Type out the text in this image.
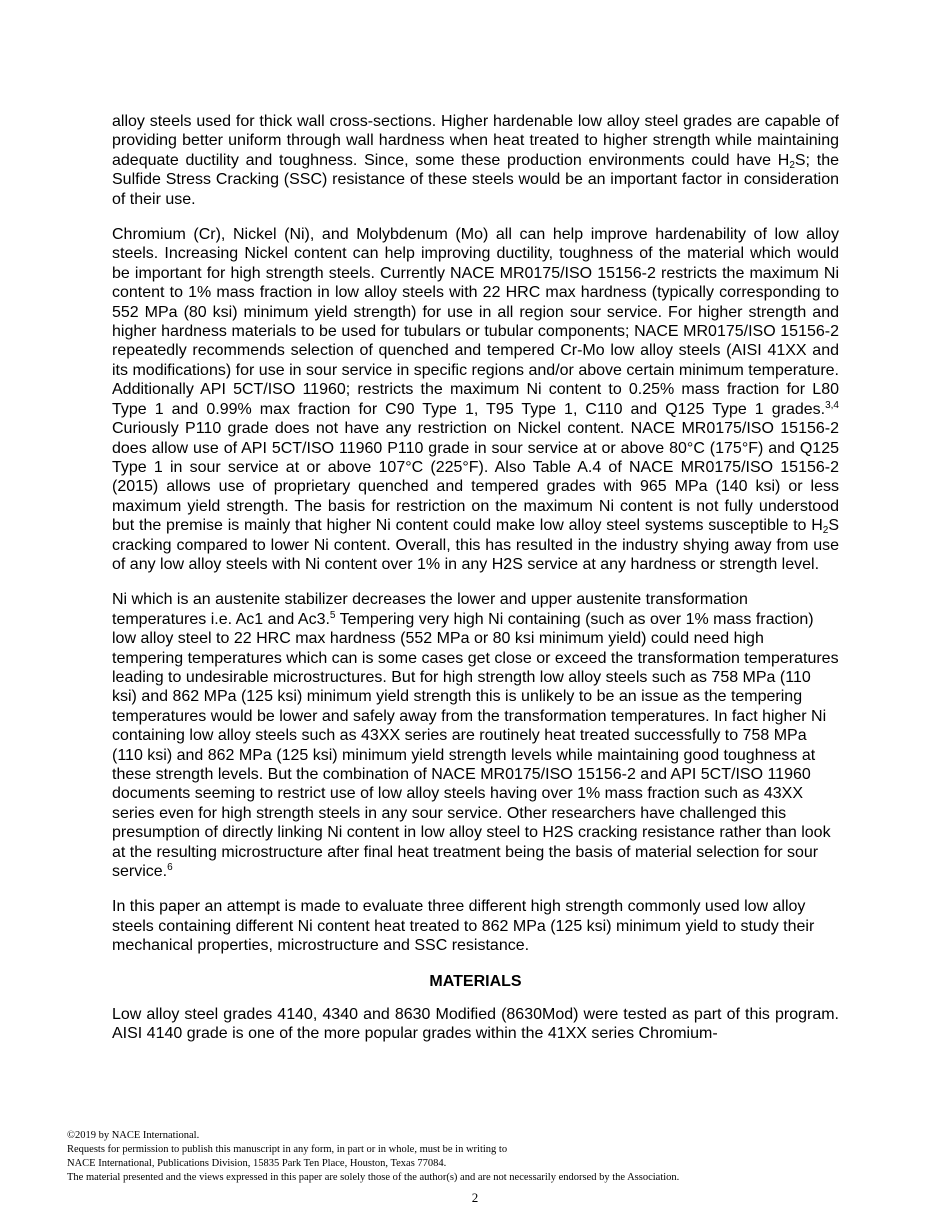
alloy steels used for thick wall cross-sections. Higher hardenable low alloy steel grades are capable of providing better uniform through wall hardness when heat treated to higher strength while maintaining adequate ductility and toughness. Since, some these production environments could have $H_2S$; the Sulfide Stress Cracking (SSC) resistance of these steels would be an important factor in consideration of their use.

Chromium (Cr), Nickel (Ni), and Molybdenum (Mo) all can help improve hardenability of low alloy steels. Increasing Nickel content can help improving ductility, toughness of the material which would be important for high strength steels. Currently NACE MR0175/ISO 15156-2 restricts the maximum Ni content to 1% mass fraction in low alloy steels with 22 HRC max hardness (typically corresponding to 552 MPa (80 ksi) minimum yield strength) for use in all region sour service. For higher strength and higher hardness materials to be used for tubulars or tubular components; NACE MR0175/ISO 15156-2 repeatedly recommends selection of quenched and tempered Cr-Mo low alloy steels (AISI 41XX and its modifications) for use in sour service in specific regions and/or above certain minimum temperature. Additionally API 5CT/ISO 11960; restricts the maximum Ni content to 0.25% mass fraction for L80 Type 1 and 0.99% max fraction for C90 Type 1, T95 Type 1, C110 and Q125 Type 1 grades.$^{3,4}$ Curiously P110 grade does not have any restriction on Nickel content. NACE MR0175/ISO 15156-2 does allow use of API 5CT/ISO 11960 P110 grade in sour service at or above 80°C (175°F) and Q125 Type 1 in sour service at or above 107°C (225°F). Also Table A.4 of NACE MR0175/ISO 15156-2 (2015) allows use of proprietary quenched and tempered grades with 965 MPa (140 ksi) or less maximum yield strength. The basis for restriction on the maximum Ni content is not fully understood but the premise is mainly that higher Ni content could make low alloy steel systems susceptible to $H_2S$ cracking compared to lower Ni content. Overall, this has resulted in the industry shying away from use of any low alloy steels with Ni content over 1% in any H2S service at any hardness or strength level.

Ni which is an austenite stabilizer decreases the lower and upper austenite transformation temperatures i.e. Ac1 and Ac3.$^5$ Tempering very high Ni containing (such as over 1% mass fraction) low alloy steel to 22 HRC max hardness (552 MPa or 80 ksi minimum yield) could need high tempering temperatures which can is some cases get close or exceed the transformation temperatures leading to undesirable microstructures. But for high strength low alloy steels such as 758 MPa (110 ksi) and 862 MPa (125 ksi) minimum yield strength this is unlikely to be an issue as the tempering temperatures would be lower and safely away from the transformation temperatures. In fact higher Ni containing low alloy steels such as 43XX series are routinely heat treated successfully to 758 MPa (110 ksi) and 862 MPa (125 ksi) minimum yield strength levels while maintaining good toughness at these strength levels. But the combination of NACE MR0175/ISO 15156-2 and API 5CT/ISO 11960 documents seeming to restrict use of low alloy steels having over 1% mass fraction such as 43XX series even for high strength steels in any sour service. Other researchers have challenged this presumption of directly linking Ni content in low alloy steel to H2S cracking resistance rather than look at the resulting microstructure after final heat treatment being the basis of material selection for sour service.$^6$

In this paper an attempt is made to evaluate three different high strength commonly used low alloy steels containing different Ni content heat treated to 862 MPa (125 ksi) minimum yield to study their mechanical properties, microstructure and SSC resistance.

MATERIALS

Low alloy steel grades 4140, 4340 and 8630 Modified (8630Mod) were tested as part of this program. AISI 4140 grade is one of the more popular grades within the 41XX series Chromium-

©2019 by NACE International.
Requests for permission to publish this manuscript in any form, in part or in whole, must be in writing to
NACE International, Publications Division, 15835 Park Ten Place, Houston, Texas 77084.
The material presented and the views expressed in this paper are solely those of the author(s) and are not necessarily endorsed by the Association.
2
